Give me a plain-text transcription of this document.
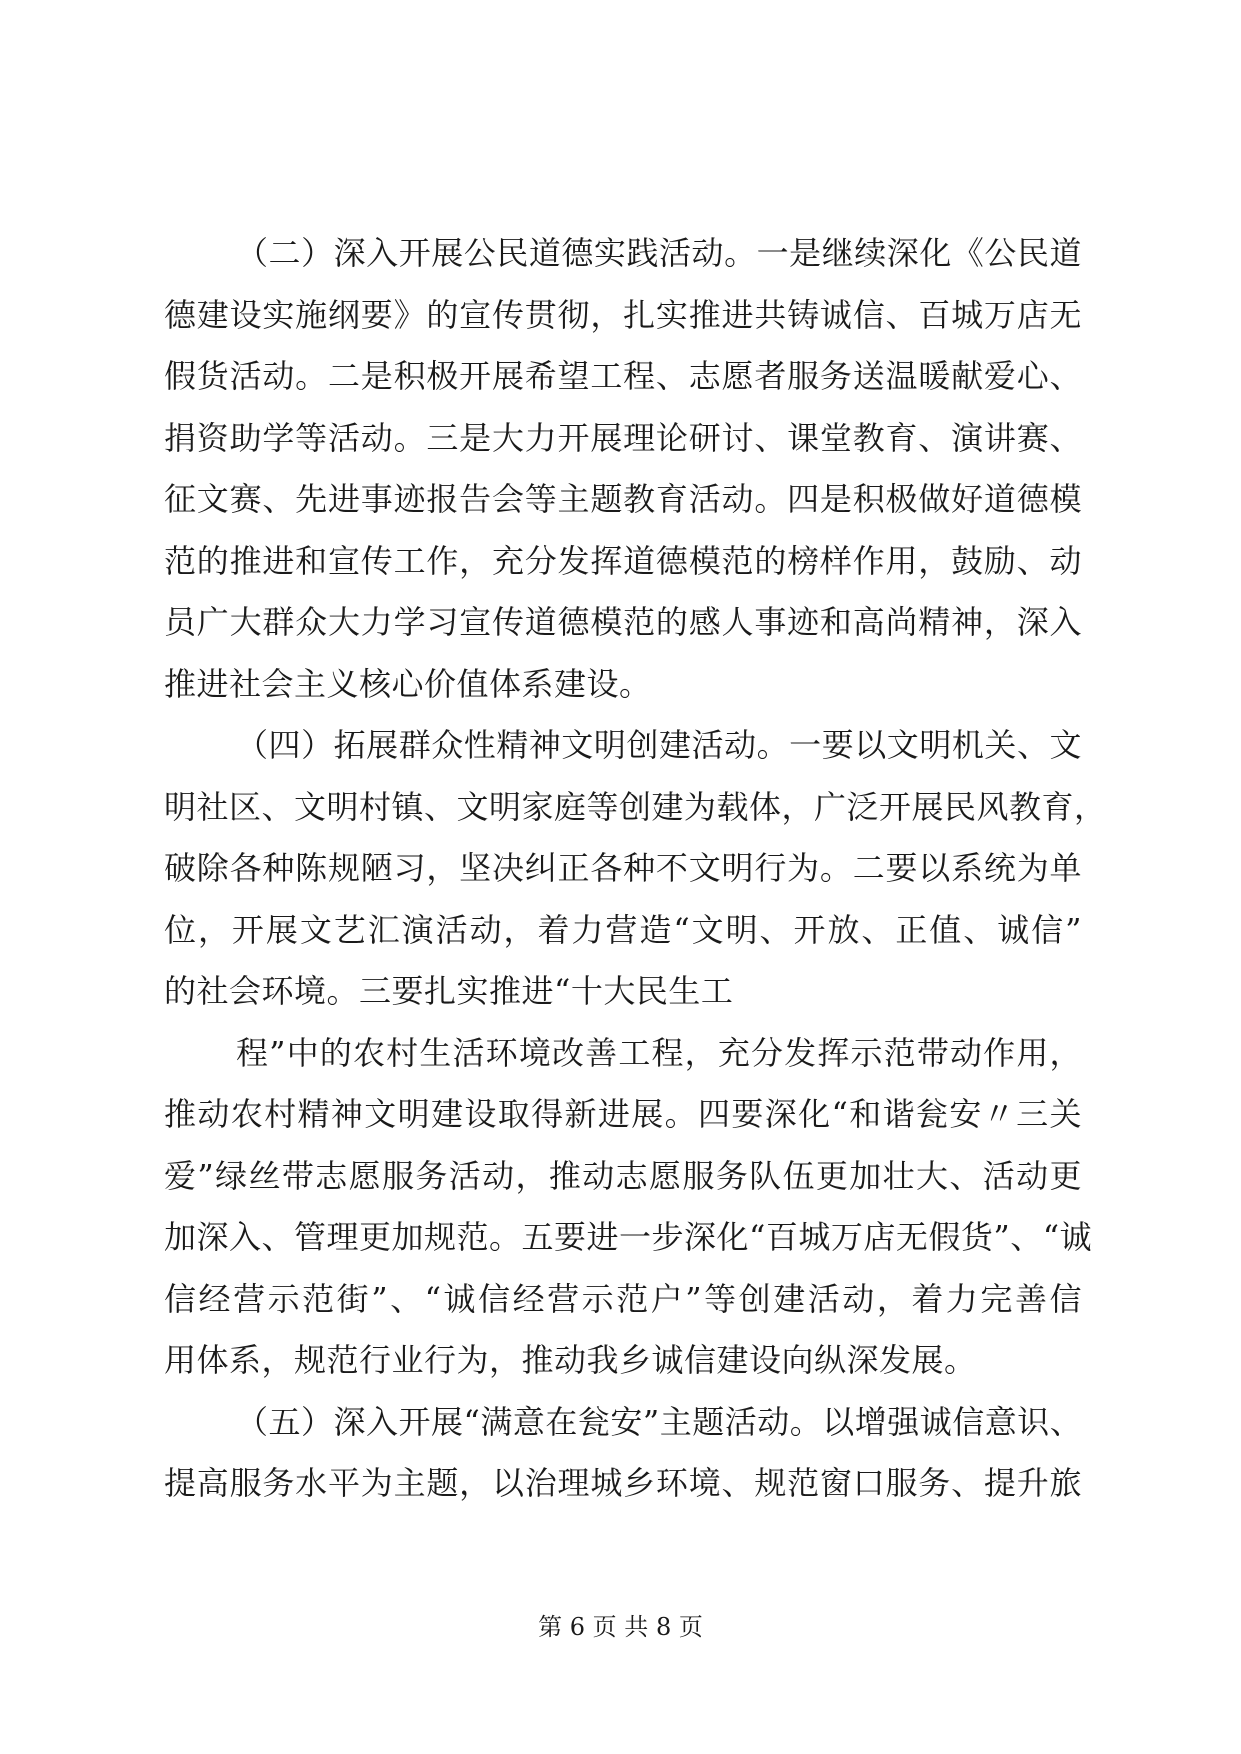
（二）深入开展公民道德实践活动。一是继续深化《公民道
德建设实施纲要》的宣传贯彻，扎实推进共铸诚信、百城万店无
假货活动。二是积极开展希望工程、志愿者服务送温暖献爱心、
捐资助学等活动。三是大力开展理论研讨、课堂教育、演讲赛、
征文赛、先进事迹报告会等主题教育活动。四是积极做好道德模
范的推进和宣传工作，充分发挥道德模范的榜样作用，鼓励、动
员广大群众大力学习宣传道德模范的感人事迹和高尚精神，深入
推进社会主义核心价值体系建设。
（四）拓展群众性精神文明创建活动。一要以文明机关、文
明社区、文明村镇、文明家庭等创建为载体，广泛开展民风教育，
破除各种陈规陋习，坚决纠正各种不文明行为。二要以系统为单
位，开展文艺汇演活动，着力营造“文明、开放、正值、诚信”
的社会环境。三要扎实推进“十大民生工
程”中的农村生活环境改善工程，充分发挥示范带动作用，
推动农村精神文明建设取得新进展。四要深化“和谐瓮安〃三关
爱”绿丝带志愿服务活动，推动志愿服务队伍更加壮大、活动更
加深入、管理更加规范。五要进一步深化“百城万店无假货”、“诚
信经营示范街”、“诚信经营示范户”等创建活动，着力完善信
用体系，规范行业行为，推动我乡诚信建设向纵深发展。
（五）深入开展“满意在瓮安”主题活动。以增强诚信意识、
提高服务水平为主题，以治理城乡环境、规范窗口服务、提升旅
第 6 页 共 8 页
